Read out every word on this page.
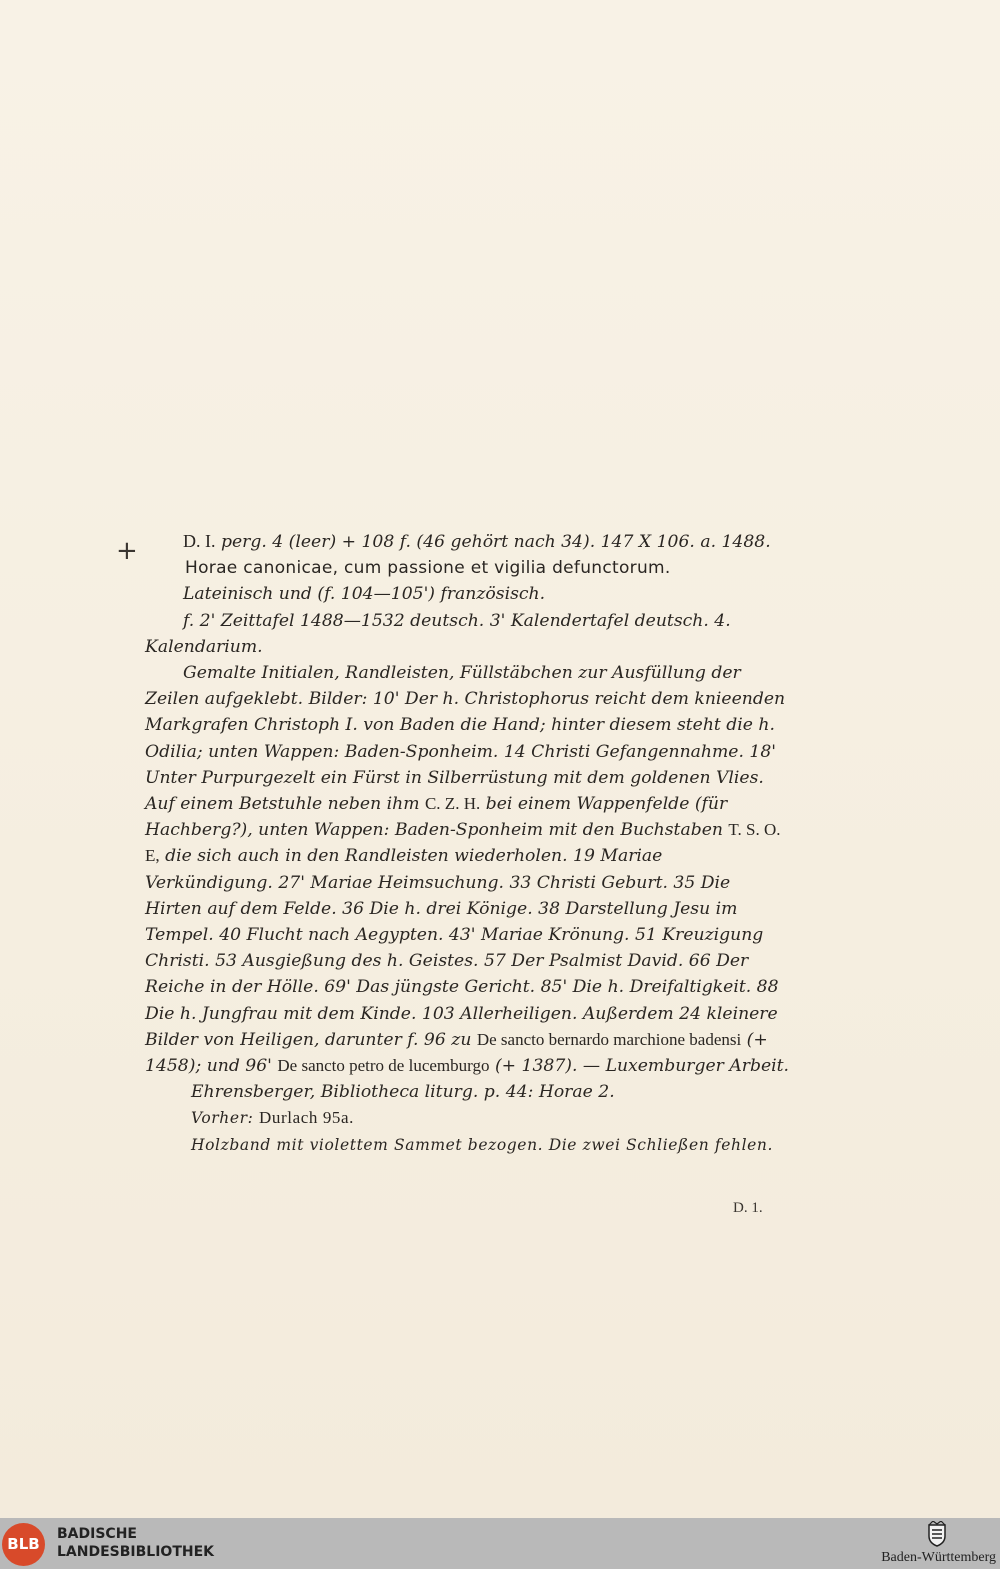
+	D. I. perg. 4 (leer) + 108 f. (46 gehört nach 34). 147 X 106. a. 1488.

Horae canonicae, cum passione et vigilia defunctorum.

Lateinisch und (f. 104—105') französisch.

f. 2' Zeittafel 1488—1532 deutsch. 3' Kalendertafel deutsch. 4. Kalendarium.

Gemalte Initialen, Randleisten, Füllstäbchen zur Ausfüllung der Zeilen aufgeklebt. Bilder: 10' Der h. Christophorus reicht dem knieenden Markgrafen Christoph I. von Baden die Hand; hinter diesem steht die h. Odilia; unten Wappen: Baden-Sponheim. 14 Christi Gefangennahme. 18' Unter Purpurgezelt ein Fürst in Silberrüstung mit dem goldenen Vlies. Auf einem Betstuhle neben ihm C. Z. H. bei einem Wappenfelde (für Hachberg?), unten Wappen: Baden-Sponheim mit den Buchstaben T. S. O. E, die sich auch in den Randleisten wiederholen. 19 Mariae Verkündigung. 27' Mariae Heimsuchung. 33 Christi Geburt. 35 Die Hirten auf dem Felde. 36 Die h. drei Könige. 38 Darstellung Jesu im Tempel. 40 Flucht nach Aegypten. 43' Mariae Krönung. 51 Kreuzigung Christi. 53 Ausgießung des h. Geistes. 57 Der Psalmist David. 66 Der Reiche in der Hölle. 69' Das jüngste Gericht. 85' Die h. Dreifaltigkeit. 88 Die h. Jungfrau mit dem Kinde. 103 Allerheiligen. Außerdem 24 kleinere Bilder von Heiligen, darunter f. 96 zu De sancto bernardo marchione badensi (+ 1458); und 96' De sancto petro de lucemburgo (+ 1387). — Luxemburger Arbeit.

Ehrensberger, Bibliotheca liturg. p. 44: Horae 2.

Vorher: Durlach 95a.

Holzband mit violettem Sammet bezogen. Die zwei Schließen fehlen.

D. 1.
BLB
BADISCHE
LANDESBIBLIOTHEK	Baden-Württemberg
